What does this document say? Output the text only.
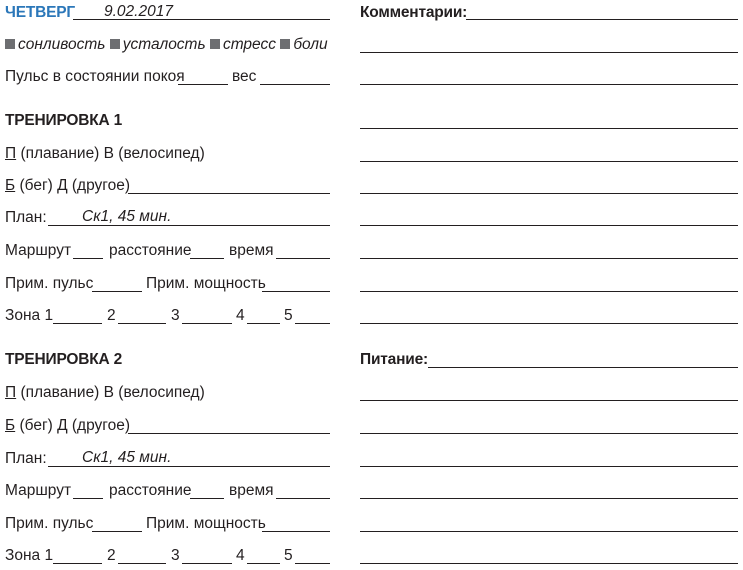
ЧЕТВЕРГ 9.02.2017
сонливость усталость стресс боли
Пульс в состоянии покоя	вес
ТРЕНИРОВКА 1
П (плавание) В (велосипед)
Б (бег) Д (другое)
План: Ск1, 45 мин.
Маршрут расстояние время
Прим. пульс	Прим. мощность
Зона 1	2	3	4	5
ТРЕНИРОВКА 2
П (плавание) В (велосипед)
Б (бег) Д (другое)
План: Ск1, 45 мин.
Маршрут расстояние время
Прим. пульс	Прим. мощность
Зона 1	2	3	4	5
Комментарии:
Питание:
